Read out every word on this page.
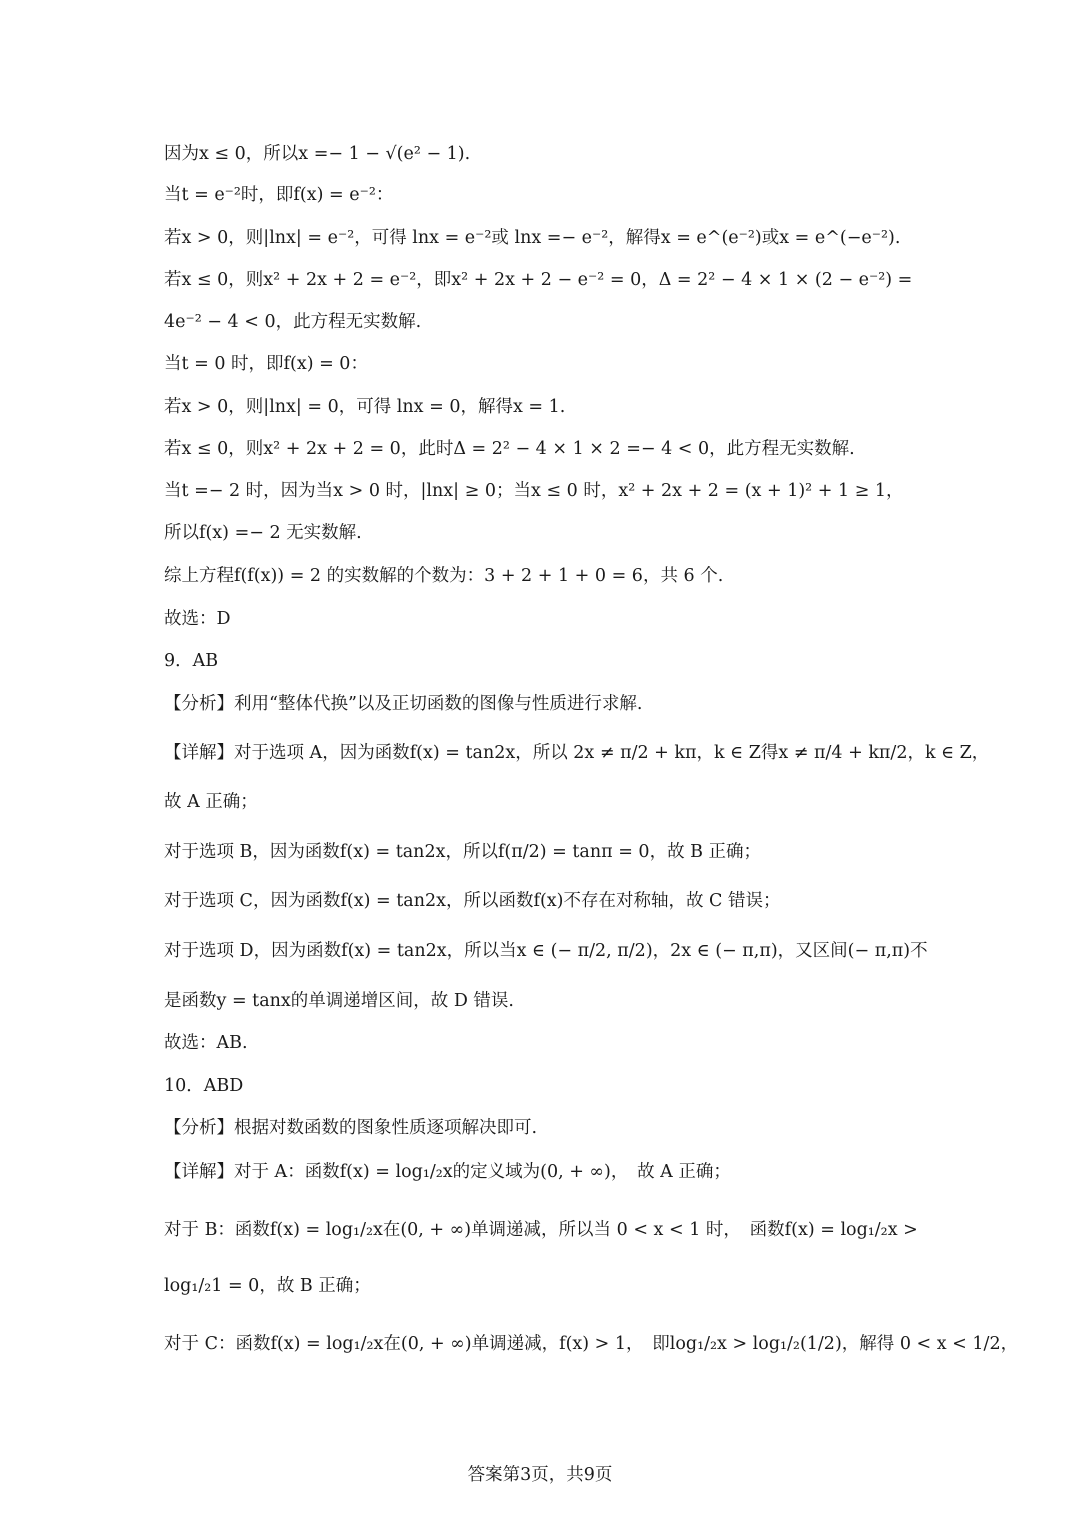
因为x ≤ 0，所以x =− 1 − √(e² − 1).
当t = e⁻²时，即f(x) = e⁻²：
若x > 0，则|lnx| = e⁻²，可得 lnx = e⁻²或 lnx =− e⁻²，解得x = e^(e⁻²)或x = e^(−e⁻²).
若x ≤ 0，则x² + 2x + 2 = e⁻²，即x² + 2x + 2 − e⁻² = 0，Δ = 2² − 4 × 1 × (2 − e⁻²) =
4e⁻² − 4 < 0，此方程无实数解.
当t = 0 时，即f(x) = 0：
若x > 0，则|lnx| = 0，可得 lnx = 0，解得x = 1.
若x ≤ 0，则x² + 2x + 2 = 0，此时Δ = 2² − 4 × 1 × 2 =− 4 < 0，此方程无实数解.
当t =− 2 时，因为当x > 0 时，|lnx| ≥ 0；当x ≤ 0 时，x² + 2x + 2 = (x + 1)² + 1 ≥ 1，
所以f(x) =− 2 无实数解.
综上方程f(f(x)) = 2 的实数解的个数为：3 + 2 + 1 + 0 = 6，共 6 个.
故选：D
9．AB
【分析】利用“整体代换”以及正切函数的图像与性质进行求解.
【详解】对于选项 A，因为函数f(x) = tan2x，所以 2x ≠ π/2 + kπ，k ∈ Z得x ≠ π/4 + kπ/2，k ∈ Z，
故 A 正确；
对于选项 B，因为函数f(x) = tan2x，所以f(π/2) = tanπ = 0，故 B 正确；
对于选项 C，因为函数f(x) = tan2x，所以函数f(x)不存在对称轴，故 C 错误；
对于选项 D，因为函数f(x) = tan2x，所以当x ∈ (− π/2, π/2)，2x ∈ (− π,π)，又区间(− π,π)不
是函数y = tanx的单调递增区间，故 D 错误.
故选：AB.
10．ABD
【分析】根据对数函数的图象性质逐项解决即可.
【详解】对于 A：函数f(x) = log₁/₂x的定义域为(0, + ∞)，　故 A 正确；
对于 B：函数f(x) = log₁/₂x在(0, + ∞)单调递减，所以当 0 < x < 1 时，　函数f(x) = log₁/₂x >
log₁/₂1 = 0，故 B 正确；
对于 C：函数f(x) = log₁/₂x在(0, + ∞)单调递减，f(x) > 1，　即log₁/₂x > log₁/₂(1/2)，解得 0 < x < 1/2，
答案第3页，共9页
